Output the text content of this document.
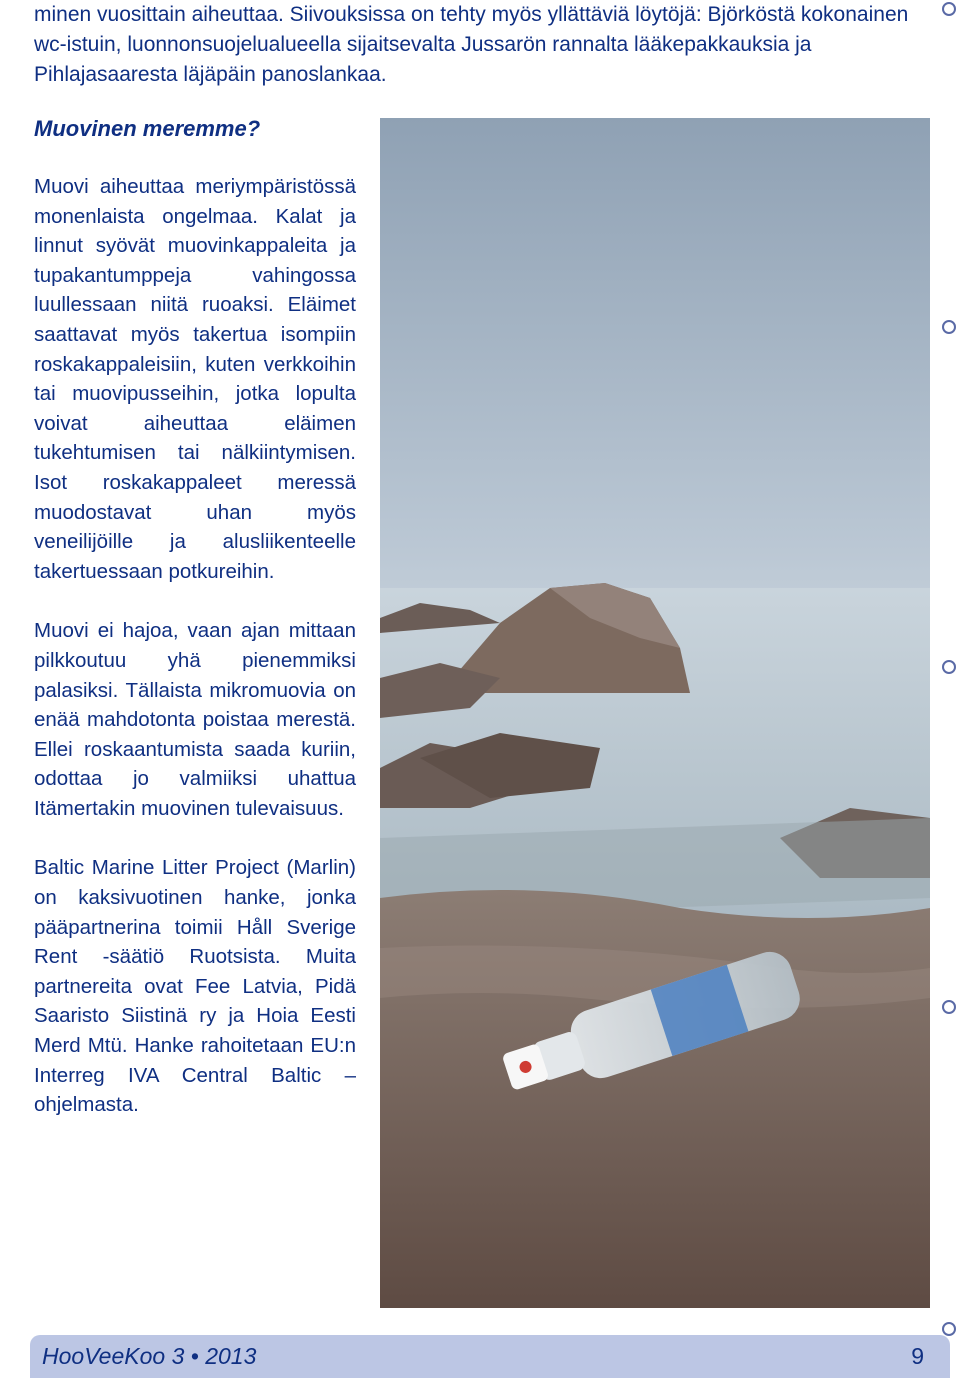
minen vuosittain aiheuttaa. Siivouksissa on tehty myös yllättäviä löytöjä: Björköstä kokonainen wc-istuin, luonnonsuojelualueella sijaitsevalta Jussarön rannalta lääkepakkauksia ja Pihlajasaaresta läjäpäin panoslankaa.

Muovinen meremme?

Muovi aiheuttaa meriympäristössä monenlaista ongelmaa. Kalat ja linnut syövät muovinkappaleita ja tupakantumppeja vahingossa luullessaan niitä ruoaksi. Eläimet saattavat myös takertua isompiin roskakappaleisiin, kuten verkkoihin tai muovipusseihin, jotka lopulta voivat aiheuttaa eläimen tukehtumisen tai nälkiintymisen. Isot roskakappaleet meressä muodostavat uhan myös veneilijöille ja alusliikenteelle takertuessaan potkureihin.

Muovi ei hajoa, vaan ajan mittaan pilkkoutuu yhä pienemmiksi palasiksi. Tällaista mikromuovia on enää mahdotonta poistaa merestä. Ellei roskaantumista saada kuriin, odottaa jo valmiiksi uhattua Itämertakin muovinen tulevaisuus.

Baltic Marine Litter Project (Marlin) on kaksivuotinen hanke, jonka pääpartnerina toimii Håll Sverige Rent -säätiö Ruotsista. Muita partnereita ovat Fee Latvia, Pidä Saaristo Siistinä ry ja Hoia Eesti Merd Mtü. Hanke rahoitetaan EU:n Interreg IVA Central Baltic –ohjelmasta.

HooVeeKoo 3 • 2013	9
